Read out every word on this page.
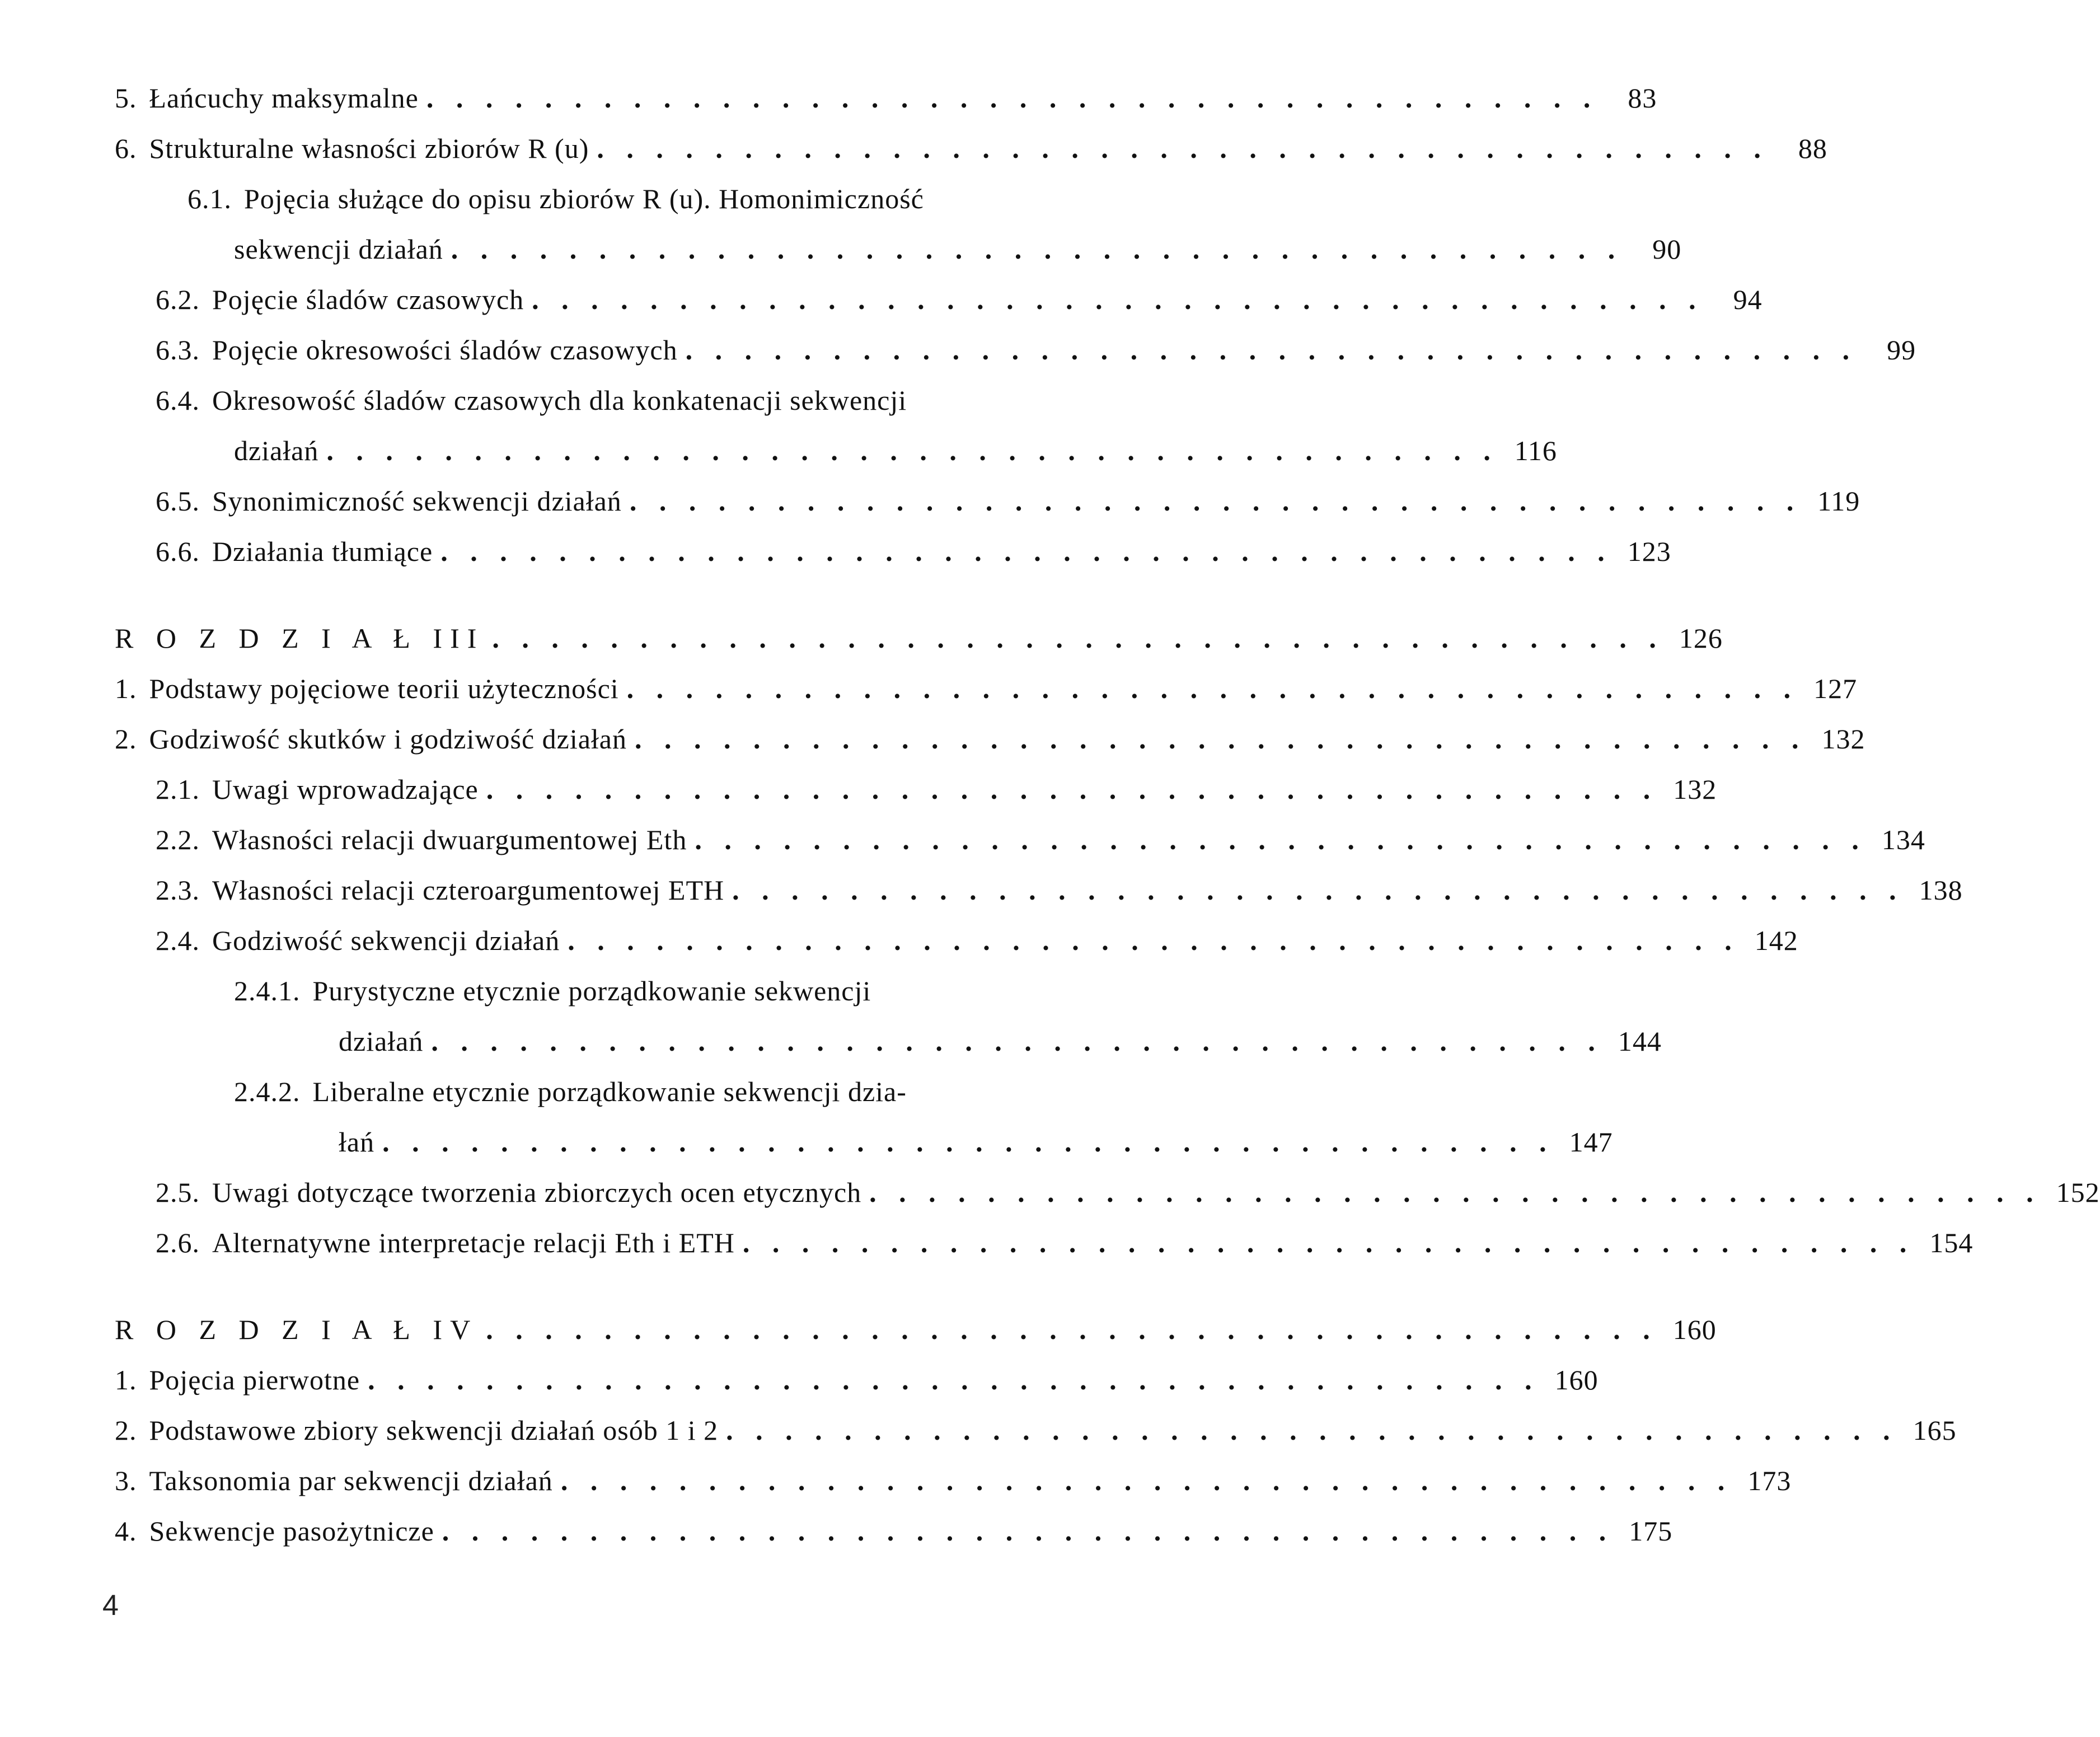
5. Łańcuchy maksymalne . . . . . . . . . . . . . . . . . . . . . . . . . . . . . . . . . . . . . . . .	83
6. Strukturalne własności zbiorów R (u) . . . . . . . . . . . . . . . . . . . . . . . . . . . . . . . . . . . . . . . .	88
6.1. Pojęcia służące do opisu zbiorów R (u). Homonimiczność
sekwencji działań . . . . . . . . . . . . . . . . . . . . . . . . . . . . . . . . . . . . . . . .	90
6.2. Pojęcie śladów czasowych . . . . . . . . . . . . . . . . . . . . . . . . . . . . . . . . . . . . . . . .	94
6.3. Pojęcie okresowości śladów czasowych . . . . . . . . . . . . . . . . . . . . . . . . . . . . . . . . . . . . . . . .	99
6.4. Okresowość śladów czasowych dla konkatenacji sekwencji
działań . . . . . . . . . . . . . . . . . . . . . . . . . . . . . . . . . . . . . . . . 116
6.5. Synonimiczność sekwencji działań . . . . . . . . . . . . . . . . . . . . . . . . . . . . . . . . . . . . . . . . 119
6.6. Działania tłumiące . . . . . . . . . . . . . . . . . . . . . . . . . . . . . . . . . . . . . . . . 123
R O Z D Z I A Ł III . . . . . . . . . . . . . . . . . . . . . . . . . . . . . . . . . . . . . . . . 126
1. Podstawy pojęciowe teorii użyteczności . . . . . . . . . . . . . . . . . . . . . . . . . . . . . . . . . . . . . . . . 127
2. Godziwość skutków i godziwość działań . . . . . . . . . . . . . . . . . . . . . . . . . . . . . . . . . . . . . . . . 132
2.1. Uwagi wprowadzające . . . . . . . . . . . . . . . . . . . . . . . . . . . . . . . . . . . . . . . . 132
2.2. Własności relacji dwuargumentowej Eth . . . . . . . . . . . . . . . . . . . . . . . . . . . . . . . . . . . . . . . . 134
2.3. Własności relacji czteroargumentowej ETH . . . . . . . . . . . . . . . . . . . . . . . . . . . . . . . . . . . . . . . . 138
2.4. Godziwość sekwencji działań . . . . . . . . . . . . . . . . . . . . . . . . . . . . . . . . . . . . . . . . 142
2.4.1. Purystyczne etycznie porządkowanie sekwencji
działań . . . . . . . . . . . . . . . . . . . . . . . . . . . . . . . . . . . . . . . . 144
2.4.2. Liberalne etycznie porządkowanie sekwencji dzia-
łań . . . . . . . . . . . . . . . . . . . . . . . . . . . . . . . . . . . . . . . . 147
2.5. Uwagi dotyczące tworzenia zbiorczych ocen etycznych . . . . . . . . . . . . . . . . . . . . . . . . . . . . . . . . . . . . . . . . 152
2.6. Alternatywne interpretacje relacji Eth i ETH . . . . . . . . . . . . . . . . . . . . . . . . . . . . . . . . . . . . . . . . 154
R O Z D Z I A Ł IV . . . . . . . . . . . . . . . . . . . . . . . . . . . . . . . . . . . . . . . . 160
1. Pojęcia pierwotne . . . . . . . . . . . . . . . . . . . . . . . . . . . . . . . . . . . . . . . . 160
2. Podstawowe zbiory sekwencji działań osób 1 i 2 . . . . . . . . . . . . . . . . . . . . . . . . . . . . . . . . . . . . . . . . 165
3. Taksonomia par sekwencji działań . . . . . . . . . . . . . . . . . . . . . . . . . . . . . . . . . . . . . . . . 173
4. Sekwencje pasożytnicze . . . . . . . . . . . . . . . . . . . . . . . . . . . . . . . . . . . . . . . . 175
4
